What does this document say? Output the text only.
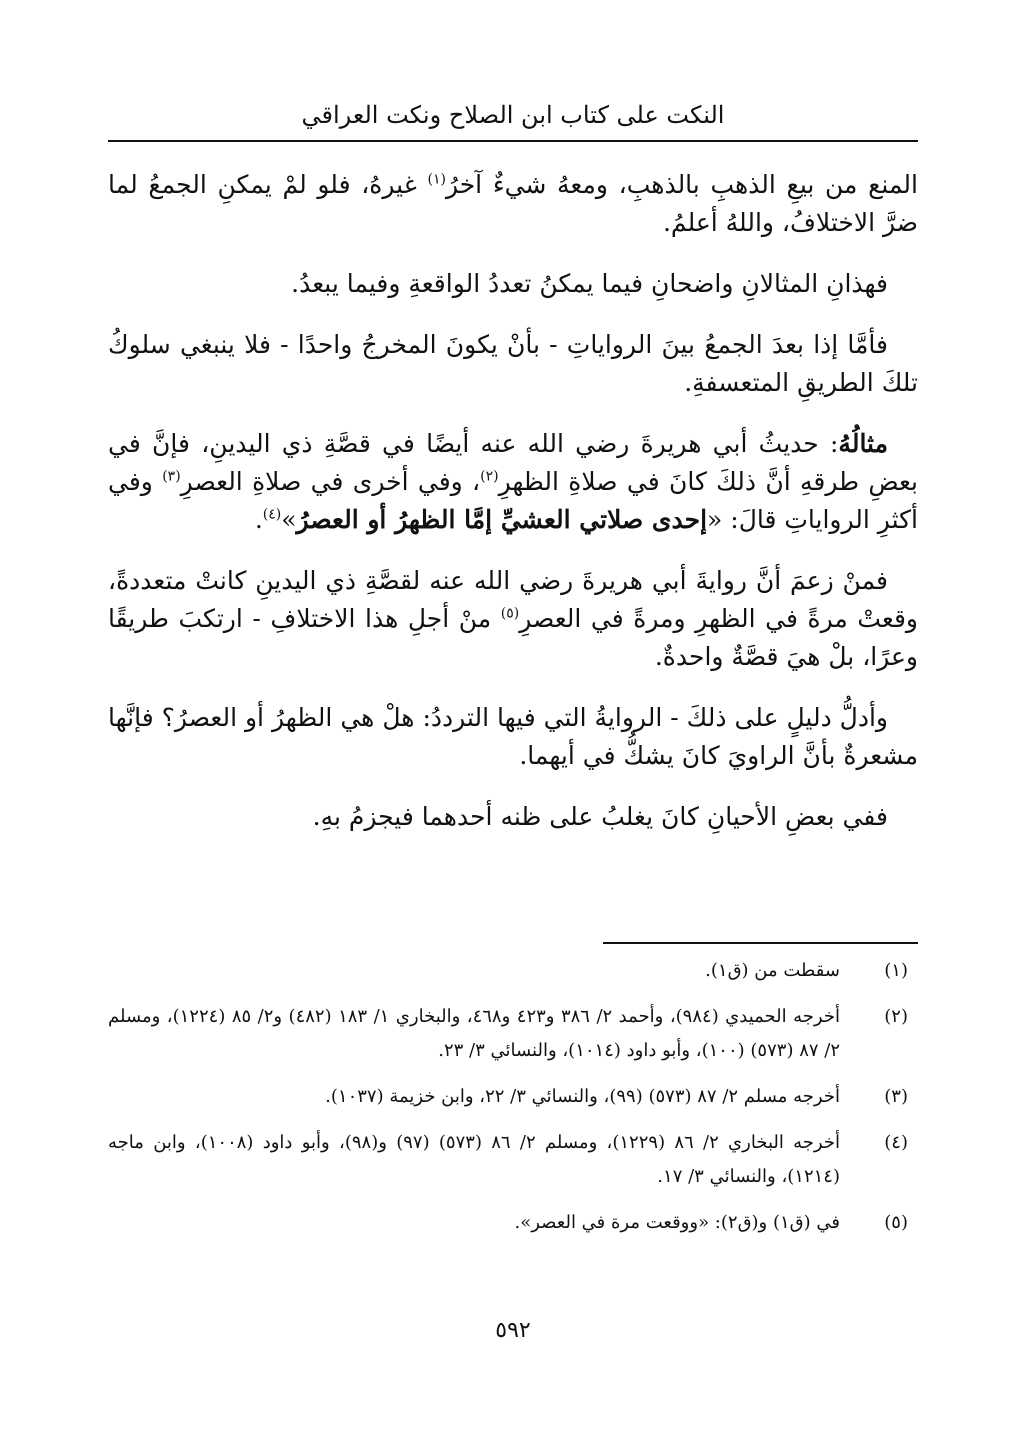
النكت على كتاب ابن الصلاح ونكت العراقي

المنع من بيعِ الذهبِ بالذهبِ، ومعهُ شيءٌ آخرُ$^{(١)}$ غيرهُ، فلو لمْ يمكنِ الجمعُ لما ضرَّ الاختلافُ، واللهُ أعلمُ.

فهذانِ المثالانِ واضحانِ فيما يمكنُ تعددُ الواقعةِ وفيما يبعدُ.

فأمَّا إذا بعدَ الجمعُ بينَ الرواياتِ - بأنْ يكونَ المخرجُ واحدًا - فلا ينبغي سلوكُ تلكَ الطريقِ المتعسفةِ.

مثالُهُ: حديثُ أبي هريرةَ رضي الله عنه أيضًا في قصَّةِ ذي اليدينِ، فإنَّ في بعضِ طرقهِ أنَّ ذلكَ كانَ في صلاةِ الظهرِ$^{(٢)}$، وفي أخرى في صلاةِ العصرِ$^{(٣)}$ وفي أكثرِ الرواياتِ قالَ: «إحدى صلاتي العشيِّ إمَّا الظهرُ أو العصرُ»$^{(٤)}$.

فمنْ زعمَ أنَّ روايةَ أبي هريرةَ رضي الله عنه لقصَّةِ ذي اليدينِ كانتْ متعددةً، وقعتْ مرةً في الظهرِ ومرةً في العصرِ$^{(٥)}$ منْ أجلِ هذا الاختلافِ - ارتكبَ طريقًا وعرًا، بلْ هيَ قصَّةٌ واحدةٌ.

وأدلُّ دليلٍ على ذلكَ - الروايةُ التي فيها الترددُ: هلْ هي الظهرُ أو العصرُ؟ فإنَّها مشعرةٌ بأنَّ الراويَ كانَ يشكُّ في أيهما.

ففي بعضِ الأحيانِ كانَ يغلبُ على ظنه أحدهما فيجزمُ بهِ.

(١)
سقطت من (ق١).
(٢)
أخرجه الحميدي (٩٨٤)، وأحمد ٢/ ٣٨٦ و٤٢٣ و٤٦٨، والبخاري ١/ ١٨٣ (٤٨٢) و٢/ ٨٥ (١٢٢٤)، ومسلم ٢/ ٨٧ (٥٧٣) (١٠٠)، وأبو داود (١٠١٤)، والنسائي ٣/ ٢٣.
(٣)
أخرجه مسلم ٢/ ٨٧ (٥٧٣) (٩٩)، والنسائي ٣/ ٢٢، وابن خزيمة (١٠٣٧).
(٤)
أخرجه البخاري ٢/ ٨٦ (١٢٢٩)، ومسلم ٢/ ٨٦ (٥٧٣) (٩٧) و(٩٨)، وأبو داود (١٠٠٨)، وابن ماجه (١٢١٤)، والنسائي ٣/ ١٧.
(٥)
في (ق١) و(ق٢): «ووقعت مرة في العصر».
٥٩٢
